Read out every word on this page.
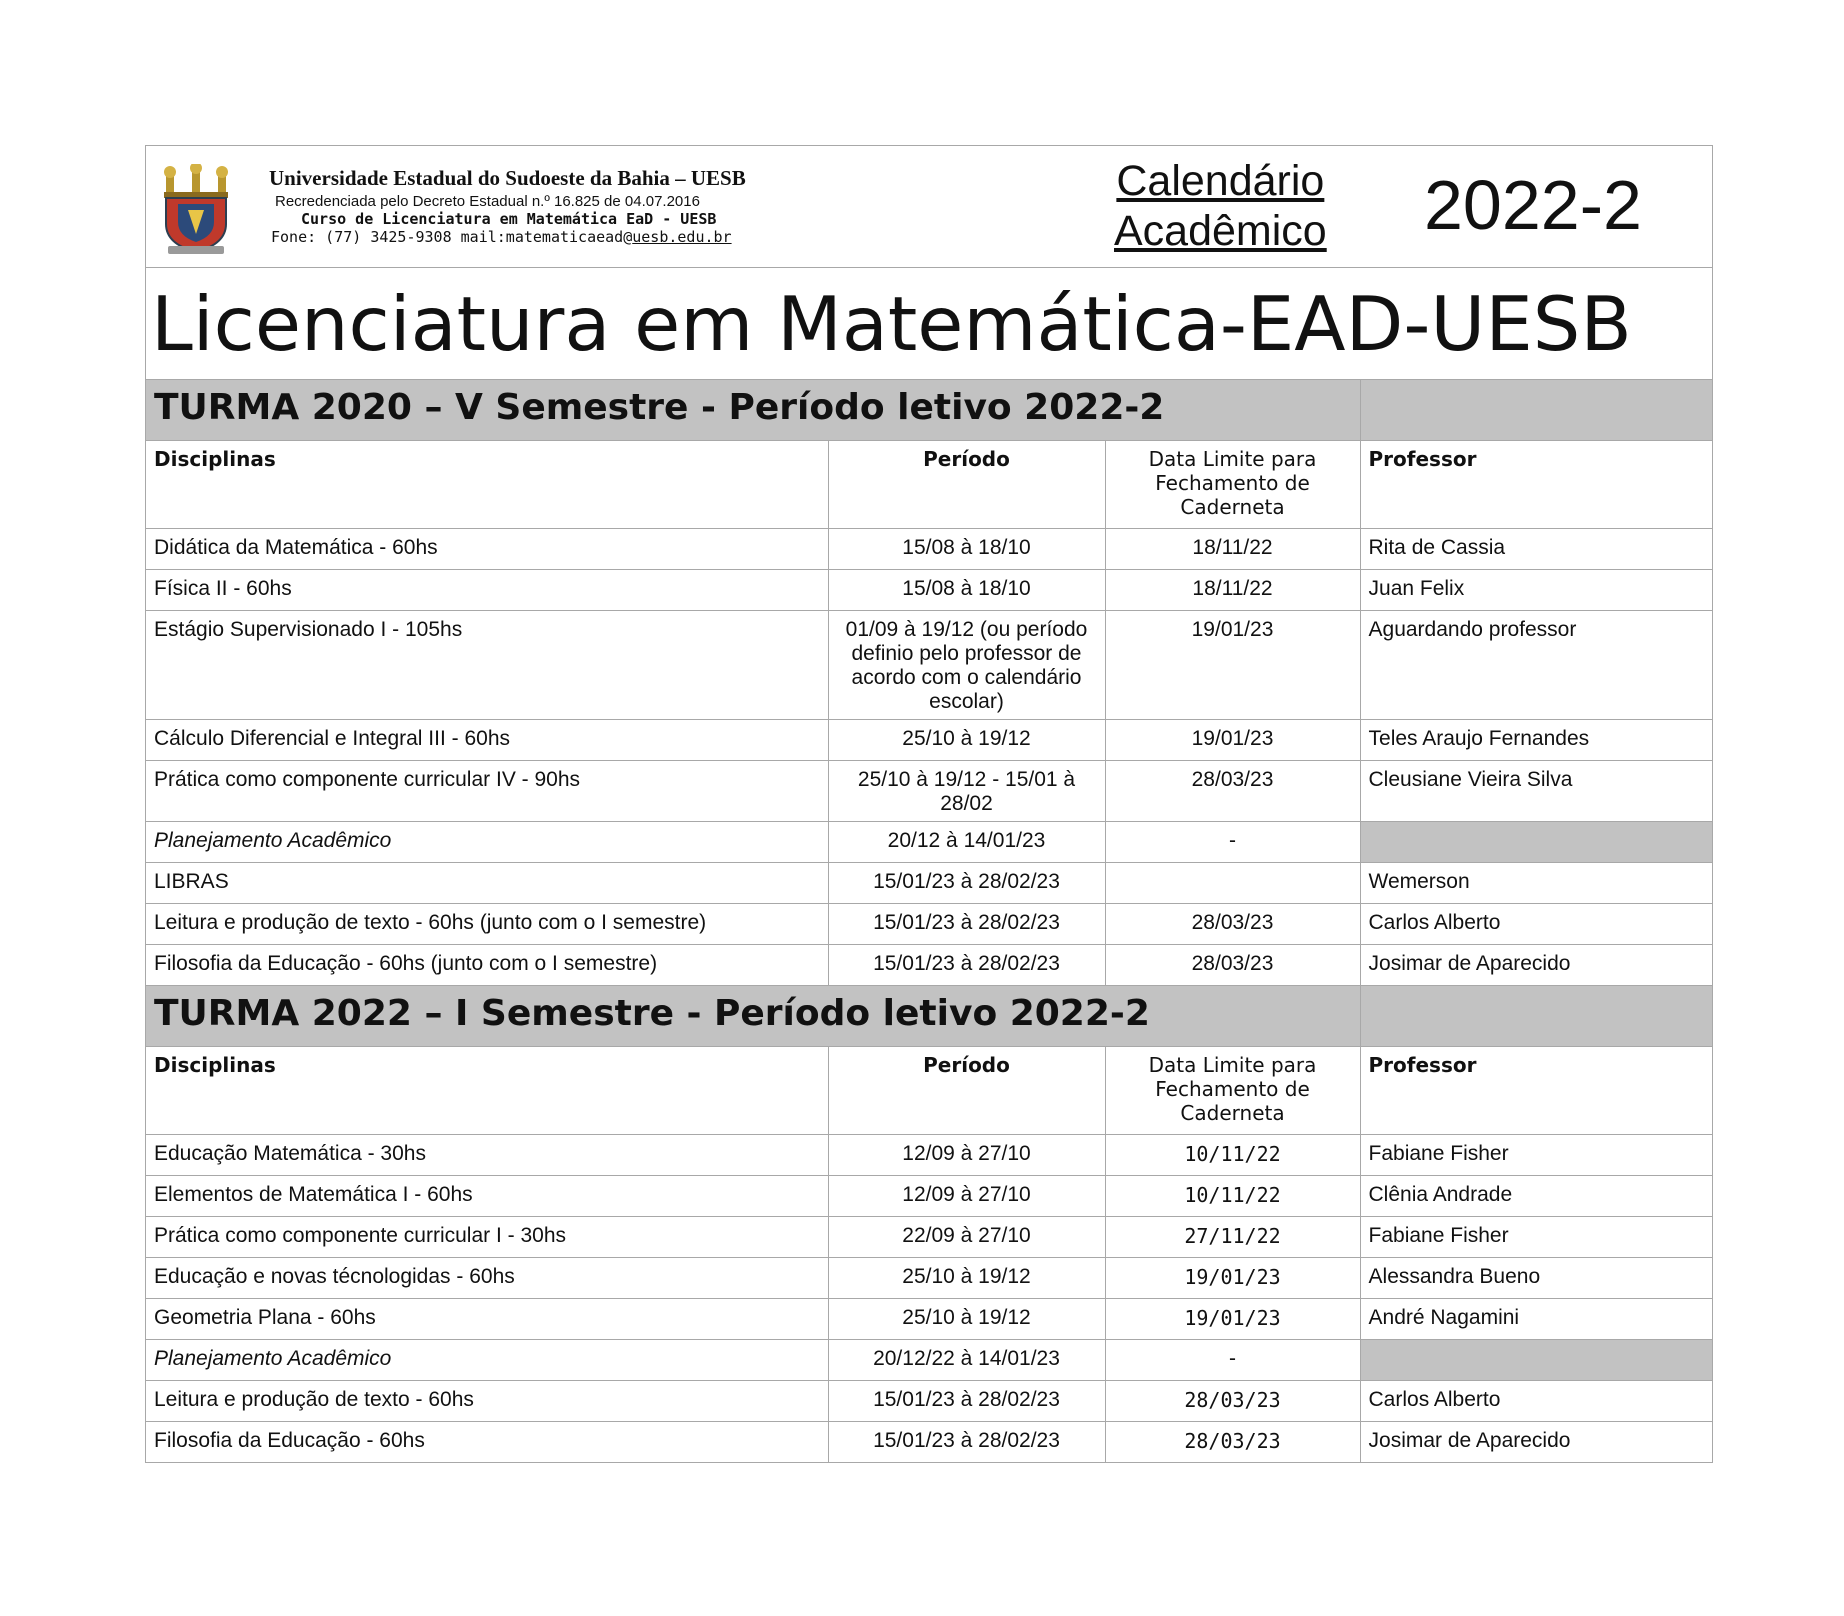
Universidade Estadual do Sudoeste da Bahia – UESB
Recredenciada pelo Decreto Estadual n.º 16.825 de 04.07.2016
Curso de Licenciatura em Matemática EaD - UESB
Fone: (77) 3425-9308 mail:matematicaead@uesb.edu.br
Calendário
Acadêmico 2022-2
Licenciatura em Matemática-EAD-UESB
TURMA 2020 – V Semestre - Período letivo 2022-2			

Disciplinas	Período	Data Limite para Fechamento de Caderneta	Professor

Didática da Matemática - 60hs	15/08 à 18/10	18/11/22	Rita de Cassia
Física II - 60hs	15/08 à 18/10	18/11/22	Juan Felix
Estágio Supervisionado I - 105hs	01/09 à 19/12 (ou período definio pelo professor de acordo com o calendário escolar)	19/01/23	Aguardando professor
Cálculo Diferencial e Integral III - 60hs	25/10 à 19/12	19/01/23	Teles Araujo Fernandes
Prática como componente curricular IV - 90hs	25/10 à 19/12 - 15/01 à 28/02	28/03/23	Cleusiane Vieira Silva
Planejamento Acadêmico	20/12 à 14/01/23	-	
LIBRAS	15/01/23 à 28/02/23		Wemerson
Leitura e produção de texto - 60hs (junto com o I semestre)	15/01/23 à 28/02/23	28/03/23	Carlos Alberto
Filosofia da Educação - 60hs (junto com o I semestre)	15/01/23 à 28/02/23	28/03/23	Josimar de Aparecido
TURMA 2022 – I Semestre - Período letivo 2022-2			

Disciplinas	Período	Data Limite para Fechamento de Caderneta	Professor

Educação Matemática - 30hs	12/09 à 27/10	10/11/22	Fabiane Fisher
Elementos de Matemática I - 60hs	12/09 à 27/10	10/11/22	Clênia Andrade
Prática como componente curricular I - 30hs	22/09 à 27/10	27/11/22	Fabiane Fisher
Educação e novas técnologidas - 60hs	25/10 à 19/12	19/01/23	Alessandra Bueno
Geometria Plana - 60hs	25/10 à 19/12	19/01/23	André Nagamini
Planejamento Acadêmico	20/12/22 à 14/01/23	-	
Leitura e produção de texto - 60hs	15/01/23 à 28/02/23	28/03/23	Carlos Alberto
Filosofia da Educação - 60hs	15/01/23 à 28/02/23	28/03/23	Josimar de Aparecido
